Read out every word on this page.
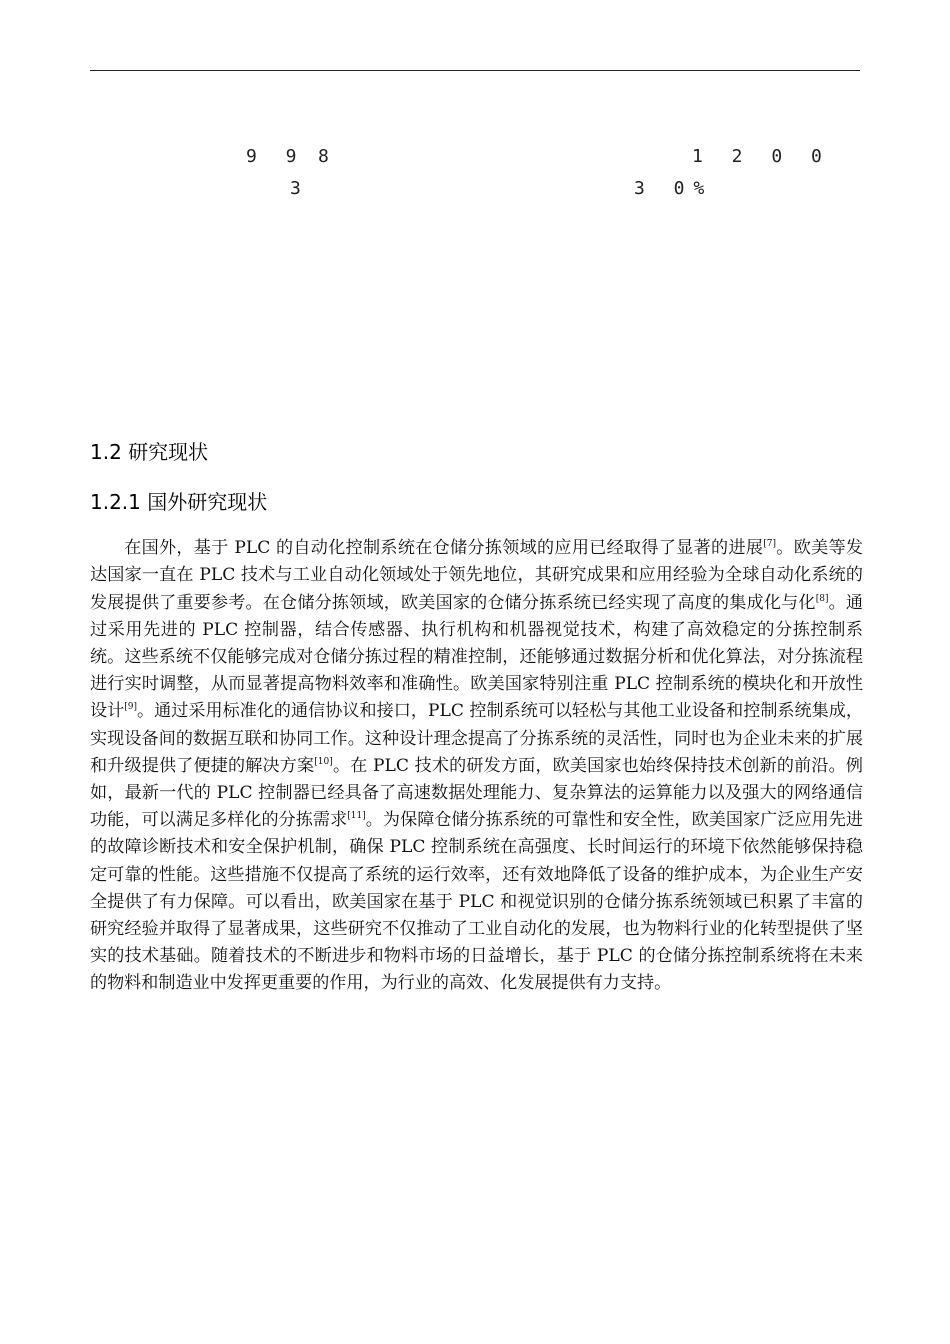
9 9 8	1 2 0 0
3	3 0%
1.2 研究现状
1.2.1 国外研究现状

在国外，基于 PLC 的自动化控制系统在仓储分拣领域的应用已经取得了显著的进展[7]。欧美等发达国家一直在 PLC 技术与工业自动化领域处于领先地位，其研究成果和应用经验为全球自动化系统的发展提供了重要参考。在仓储分拣领域，欧美国家的仓储分拣系统已经实现了高度的集成化与化[8]。通过采用先进的 PLC 控制器，结合传感器、执行机构和机器视觉技术，构建了高效稳定的分拣控制系统。这些系统不仅能够完成对仓储分拣过程的精准控制，还能够通过数据分析和优化算法，对分拣流程进行实时调整，从而显著提高物料效率和准确性。欧美国家特别注重 PLC 控制系统的模块化和开放性设计[9]。通过采用标准化的通信协议和接口，PLC 控制系统可以轻松与其他工业设备和控制系统集成，实现设备间的数据互联和协同工作。这种设计理念提高了分拣系统的灵活性，同时也为企业未来的扩展和升级提供了便捷的解决方案[10]。在 PLC 技术的研发方面，欧美国家也始终保持技术创新的前沿。例如，最新一代的 PLC 控制器已经具备了高速数据处理能力、复杂算法的运算能力以及强大的网络通信功能，可以满足多样化的分拣需求[11]。为保障仓储分拣系统的可靠性和安全性，欧美国家广泛应用先进的故障诊断技术和安全保护机制，确保 PLC 控制系统在高强度、长时间运行的环境下依然能够保持稳定可靠的性能。这些措施不仅提高了系统的运行效率，还有效地降低了设备的维护成本，为企业生产安全提供了有力保障。可以看出，欧美国家在基于 PLC 和视觉识别的仓储分拣系统领域已积累了丰富的研究经验并取得了显著成果，这些研究不仅推动了工业自动化的发展，也为物料行业的化转型提供了坚实的技术基础。随着技术的不断进步和物料市场的日益增长，基于 PLC 的仓储分拣控制系统将在未来的物料和制造业中发挥更重要的作用，为行业的高效、化发展提供有力支持。
